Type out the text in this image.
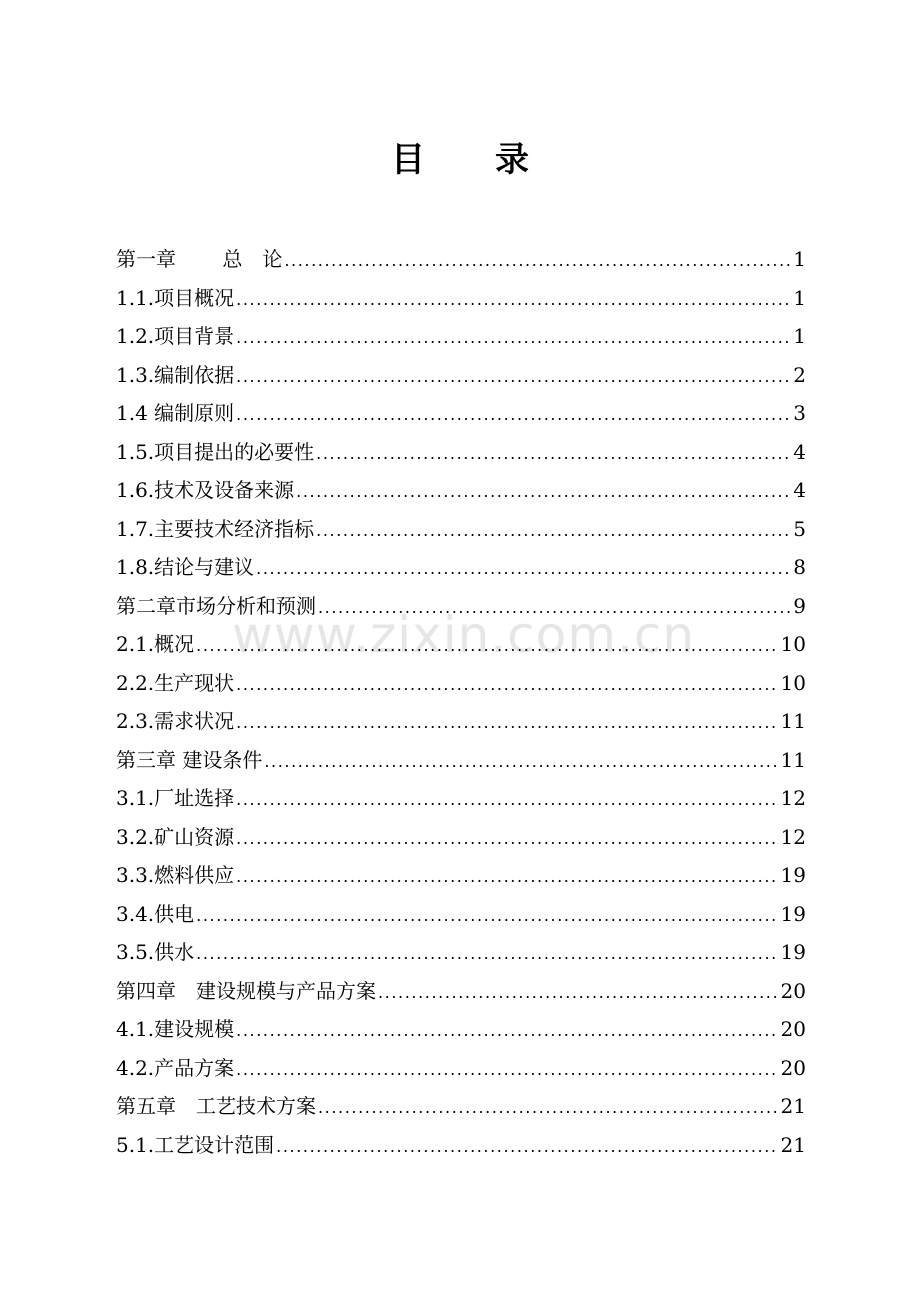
目 录
www.zixin.com.cn
第一章　　 总　论 .....	1
1.1.项目概况 .....	1
1.2.项目背景 .....	1
1.3.编制依据 .....	2
1.4 编制原则 .....	3
1.5.项目提出的必要性 .....	4
1.6.技术及设备来源 .....	4
1.7.主要技术经济指标 .....	5
1.8.结论与建议 .....	8
第二章市场分析和预测 .....	9
2.1.概况 .....	10
2.2.生产现状 .....	10
2.3.需求状况 .....	11
第三章 建设条件 .....	11
3.1.厂址选择 .....	12
3.2.矿山资源 .....	12
3.3.燃料供应 .....	19
3.4.供电 .....	19
3.5.供水 .....	19
第四章　建设规模与产品方案 .....	20
4.1.建设规模 .....	20
4.2.产品方案 .....	20
第五章　工艺技术方案 .....	21
5.1.工艺设计范围 .....	21
